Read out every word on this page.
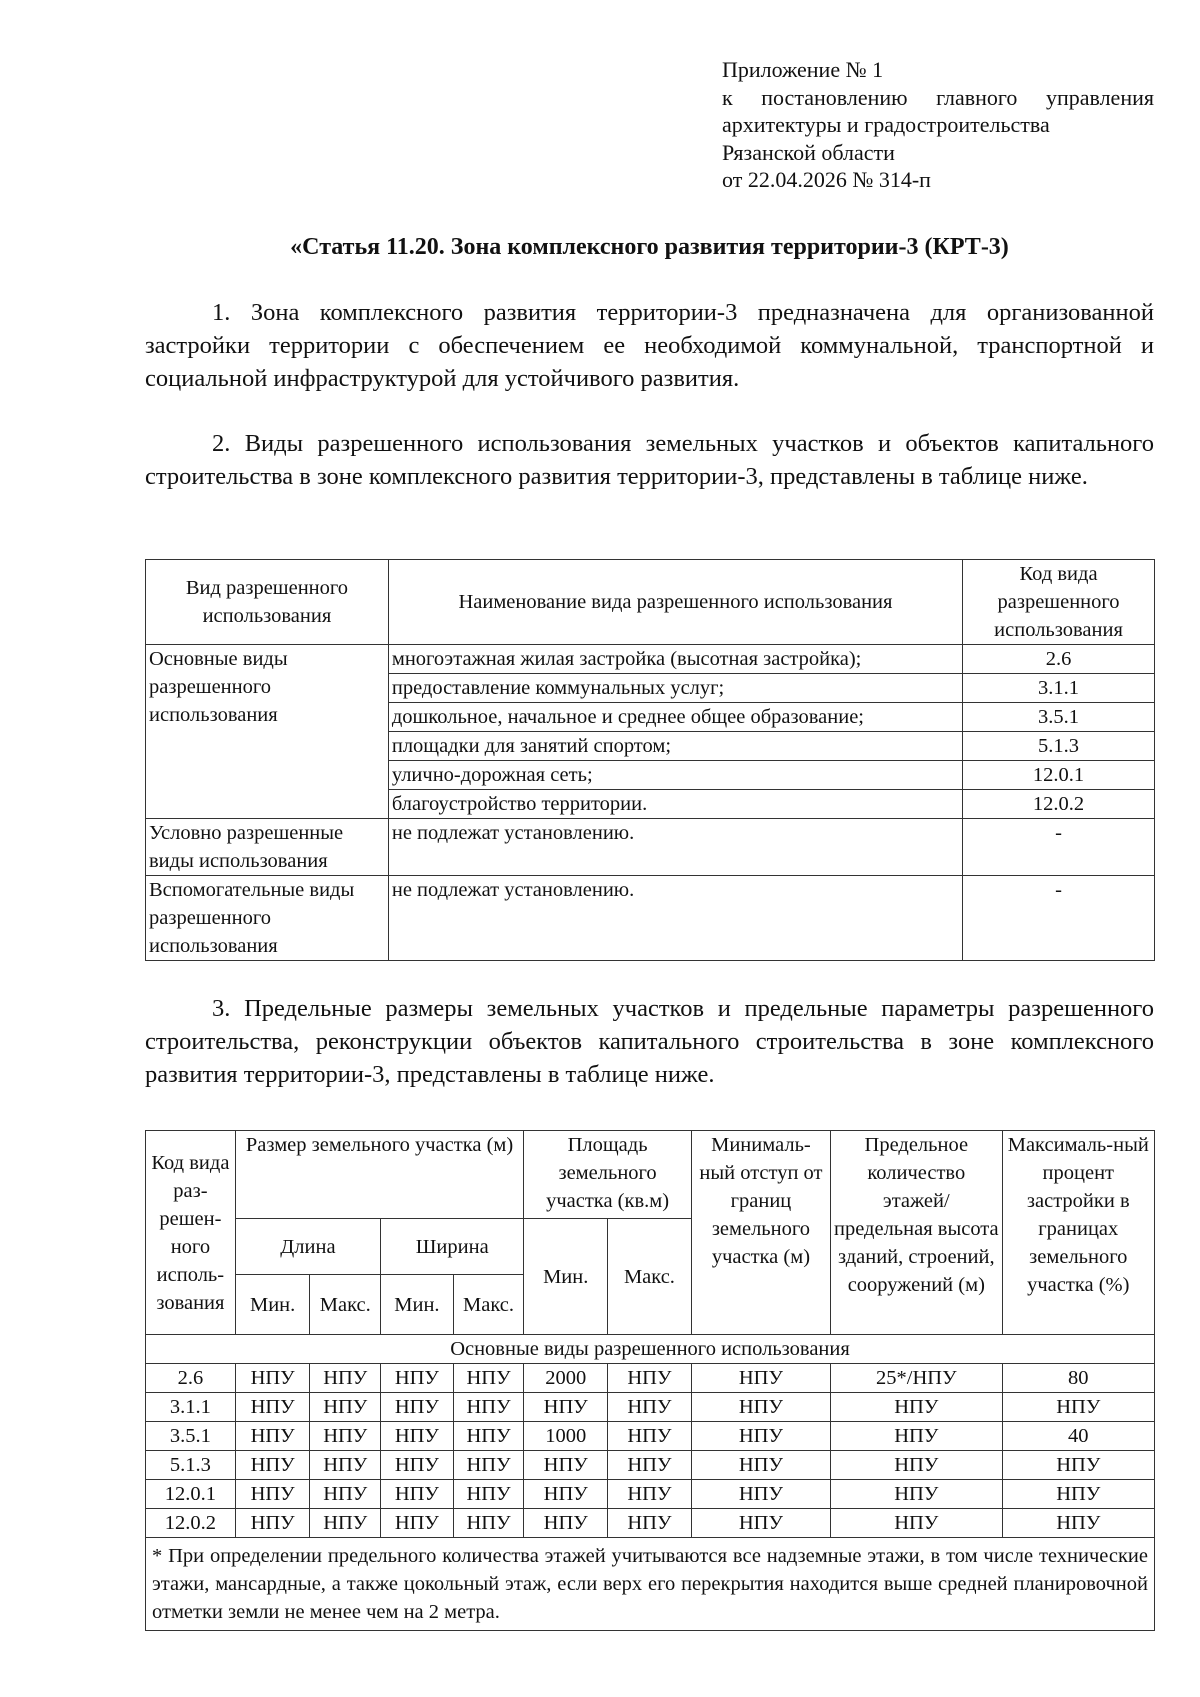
Приложение № 1
к постановлению главного управления
архитектуры и градостроительства
Рязанской области
от 22.04.2026 № 314-п
«Статья 11.20. Зона комплексного развития территории-3 (КРТ-3)

1. Зона комплексного развития территории-3 предназначена для организованной застройки территории с обеспечением ее необходимой коммунальной, транспортной и социальной инфраструктурой для устойчивого развития.

2. Виды разрешенного использования земельных участков и объектов капитального строительства в зоне комплексного развития территории-3, представлены в таблице ниже.

Вид разрешенного использования	Наименование вида разрешенного использования	Код вида разрешенного использования
Основные виды разрешенного использования	многоэтажная жилая застройка (высотная застройка);	2.6
	предоставление коммунальных услуг;	3.1.1
	дошкольное, начальное и среднее общее образование;	3.5.1
	площадки для занятий спортом;	5.1.3
	улично-дорожная сеть;	12.0.1
	благоустройство территории.	12.0.2
Условно разрешенные виды использования	не подлежат установлению.	-
Вспомогательные виды разрешенного использования	не подлежат установлению.	-

3. Предельные размеры земельных участков и предельные параметры разрешенного строительства, реконструкции объектов капитального строительства в зоне комплексного развития территории-3, представлены в таблице ниже.

Код вида раз-решен-ного исполь-зования	Размер земельного участка (м)				Площадь земельного участка (кв.м)		Минималь-ный отступ от границ земельного участка (м)	Предельное количество этажей/ предельная высота зданий, строений, сооружений (м)	Максималь-ный процент застройки в границах земельного участка (%)
	Длина		Ширина		Мин.	Макс.			
	Мин.	Макс.	Мин.	Макс.					
Основные виды разрешенного использования									
2.6	НПУ	НПУ	НПУ	НПУ	2000	НПУ	НПУ	25*/НПУ	80
3.1.1	НПУ	НПУ	НПУ	НПУ	НПУ	НПУ	НПУ	НПУ	НПУ
3.5.1	НПУ	НПУ	НПУ	НПУ	1000	НПУ	НПУ	НПУ	40
5.1.3	НПУ	НПУ	НПУ	НПУ	НПУ	НПУ	НПУ	НПУ	НПУ
12.0.1	НПУ	НПУ	НПУ	НПУ	НПУ	НПУ	НПУ	НПУ	НПУ
12.0.2	НПУ	НПУ	НПУ	НПУ	НПУ	НПУ	НПУ	НПУ	НПУ
* При определении предельного количества этажей учитываются все надземные этажи, в том числе технические этажи, мансардные, а также цокольный этаж, если верх его перекрытия находится выше средней планировочной отметки земли не менее чем на 2 метра.									
